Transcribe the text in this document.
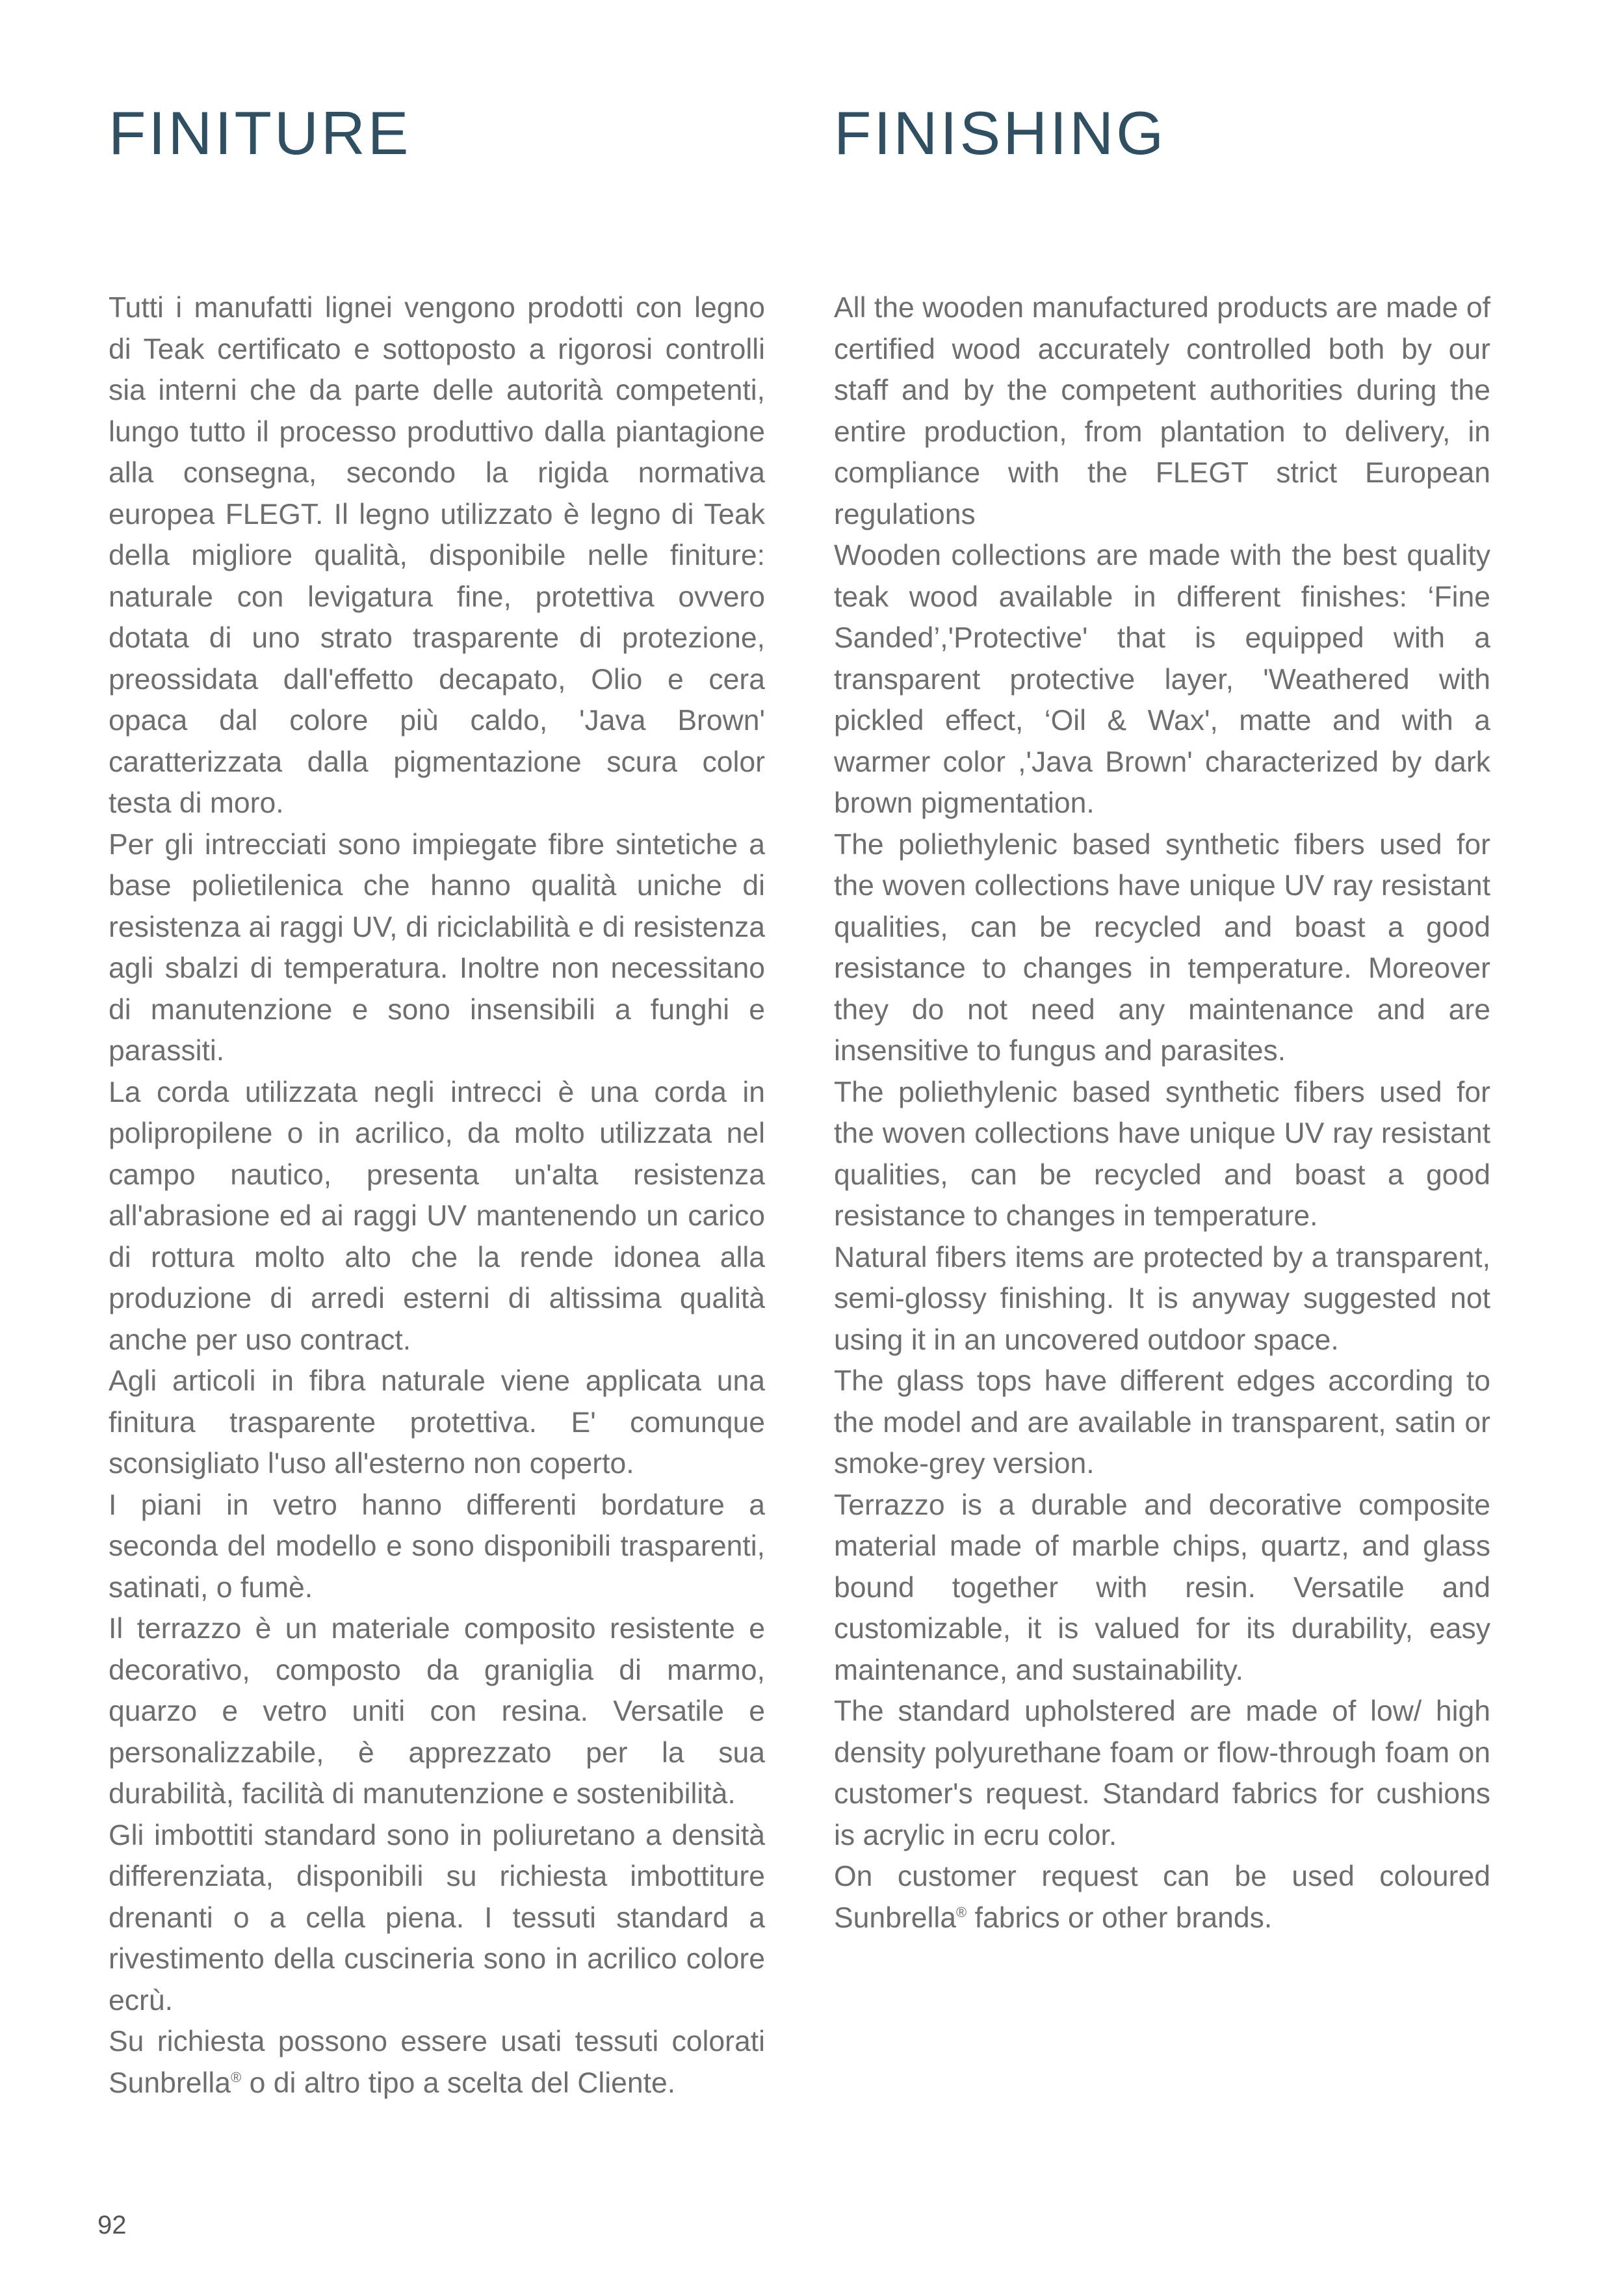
FINITURE

Tutti i manufatti lignei vengono prodotti con legno di Teak certificato e sottoposto a rigorosi controlli sia interni che da parte delle autorità competenti, lungo tutto il processo produttivo dalla piantagione alla consegna, secondo la rigida normativa europea FLEGT. Il legno utilizzato è legno di Teak della migliore qualità, disponibile nelle finiture: naturale con levigatura fine, protettiva ovvero dotata di uno strato trasparente di protezione, preossidata dall'effetto decapato, Olio e cera opaca dal colore più caldo, 'Java Brown' caratterizzata dalla pigmentazione scura color testa di moro.

Per gli intrecciati sono impiegate fibre sintetiche a base polietilenica che hanno qualità uniche di resistenza ai raggi UV, di riciclabilità e di resistenza agli sbalzi di temperatura. Inoltre non necessitano di manutenzione e sono insensibili a funghi e parassiti.

La corda utilizzata negli intrecci è una corda in polipropilene o in acrilico, da molto utilizzata nel campo nautico, presenta un'alta resistenza all'abrasione ed ai raggi UV mantenendo un carico di rottura molto alto che la rende idonea alla produzione di arredi esterni di altissima qualità anche per uso contract.

Agli articoli in fibra naturale viene applicata una finitura trasparente protettiva. E' comunque sconsigliato l'uso all'esterno non coperto.

I piani in vetro hanno differenti bordature a seconda del modello e sono disponibili trasparenti, satinati, o fumè.

Il terrazzo è un materiale composito resistente e decorativo, composto da graniglia di marmo, quarzo e vetro uniti con resina. Versatile e personalizzabile, è apprezzato per la sua durabilità, facilità di manutenzione e sostenibilità.

Gli imbottiti standard sono in poliuretano a densità differenziata, disponibili su richiesta imbottiture drenanti o a cella piena. I tessuti standard a rivestimento della cuscineria sono in acrilico colore ecrù.

Su richiesta possono essere usati tessuti colorati Sunbrella® o di altro tipo a scelta del Cliente.

FINISHING

All the wooden manufactured products are made of certified wood accurately controlled both by our staff and by the competent authorities during the entire production, from plantation to delivery, in compliance with the FLEGT strict European regulations

Wooden collections are made with the best quality teak wood available in different finishes: ‘Fine Sanded’,'Protective' that is equipped with a transparent protective layer, 'Weathered with pickled effect, ‘Oil & Wax', matte and with a warmer color ,'Java Brown' characterized by dark brown pigmentation.

The poliethylenic based synthetic fibers used for the woven collections have unique UV ray resistant qualities, can be recycled and boast a good resistance to changes in temperature. Moreover they do not need any maintenance and are insensitive to fungus and parasites.

The poliethylenic based synthetic fibers used for the woven collections have unique UV ray resistant qualities, can be recycled and boast a good resistance to changes in temperature.

Natural fibers items are protected by a transparent, semi-glossy finishing. It is anyway suggested not using it in an uncovered outdoor space.

The glass tops have different edges according to the model and are available in transparent, satin or smoke-grey version.

Terrazzo is a durable and decorative composite material made of marble chips, quartz, and glass bound together with resin. Versatile and customizable, it is valued for its durability, easy maintenance, and sustainability.

The standard upholstered are made of low/ high density polyurethane foam or flow-through foam on customer's request. Standard fabrics for cushions is acrylic in ecru color.

On customer request can be used coloured Sunbrella® fabrics or other brands.

92
